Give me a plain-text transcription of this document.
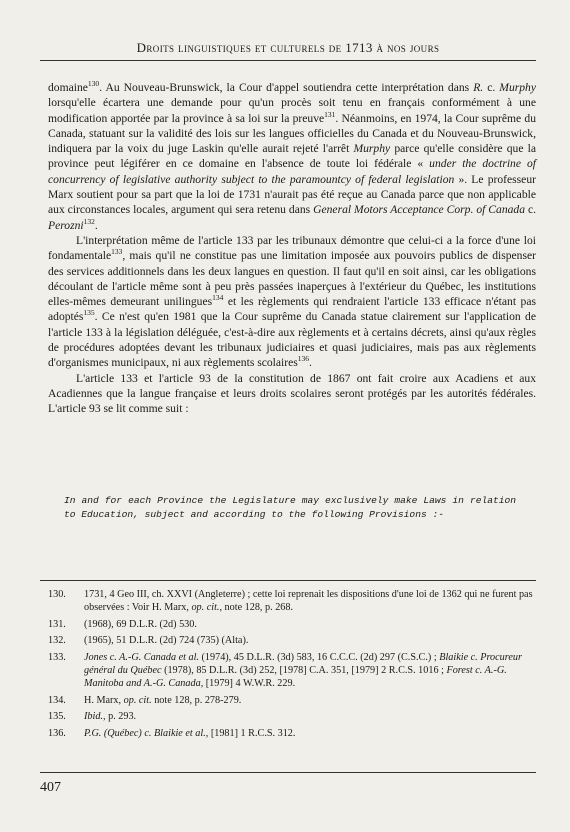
Droits linguistiques et culturels de 1713 à nos jours

domaine$^{130}$. Au Nouveau-Brunswick, la Cour d'appel soutiendra cette interprétation dans R. c. Murphy lorsqu'elle écartera une demande pour qu'un procès soit tenu en français conformément à une modification apportée par la province à sa loi sur la preuve$^{131}$. Néanmoins, en 1974, la Cour suprême du Canada, statuant sur la validité des lois sur les langues officielles du Canada et du Nouveau-Brunswick, indiquera par la voix du juge Laskin qu'elle aurait rejeté l'arrêt Murphy parce qu'elle considère que la province peut légiférer en ce domaine en l'absence de toute loi fédérale « under the doctrine of concurrency of legislative authority subject to the paramountcy of federal legislation ». Le professeur Marx soutient pour sa part que la loi de 1731 n'aurait pas été reçue au Canada parce que non applicable aux circonstances locales, argument qui sera retenu dans General Motors Acceptance Corp. of Canada c. Perozni$^{132}$.

L'interprétation même de l'article 133 par les tribunaux démontre que celui-ci a la force d'une loi fondamentale$^{133}$, mais qu'il ne constitue pas une limitation imposée aux pouvoirs publics de dispenser des services additionnels dans les deux langues en question. Il faut qu'il en soit ainsi, car les obligations découlant de l'article même sont à peu près passées inaperçues à l'extérieur du Québec, les institutions elles-mêmes demeurant unilingues$^{134}$ et les règlements qui rendraient l'article 133 efficace n'étant pas adoptés$^{135}$. Ce n'est qu'en 1981 que la Cour suprême du Canada statue clairement sur l'application de l'article 133 à la législation déléguée, c'est-à-dire aux règlements et à certains décrets, ainsi qu'aux règles de procédures adoptées devant les tribunaux judiciaires et quasi judiciaires, mais pas aux règlements d'organismes municipaux, ni aux règlements scolaires$^{136}$.

L'article 133 et l'article 93 de la constitution de 1867 ont fait croire aux Acadiens et aux Acadiennes que la langue française et leurs droits scolaires seront protégés par les autorités fédérales. L'article 93 se lit comme suit :

In and for each Province the Legislature may exclusively make Laws in relation to Education, subject and according to the following Provisions :-
130.	1731, 4 Geo III, ch. XXVI (Angleterre) ; cette loi reprenait les dispositions d'une loi de 1362 qui ne furent pas observées : Voir H. Marx, op. cit., note 128, p. 268.
131.	(1968), 69 D.L.R. (2d) 530.
132.	(1965), 51 D.L.R. (2d) 724 (735) (Alta).
133.	Jones c. A.-G. Canada et al. (1974), 45 D.L.R. (3d) 583, 16 C.C.C. (2d) 297 (C.S.C.) ; Blaikie c. Procureur général du Québec (1978), 85 D.L.R. (3d) 252, [1978] C.A. 351, [1979] 2 R.C.S. 1016 ; Forest c. A.-G. Manitoba and A.-G. Canada, [1979] 4 W.W.R. 229.
134.	H. Marx, op. cit. note 128, p. 278-279.
135.	Ibid., p. 293.
136.	P.G. (Québec) c. Blaikie et al., [1981] 1 R.C.S. 312.
407
